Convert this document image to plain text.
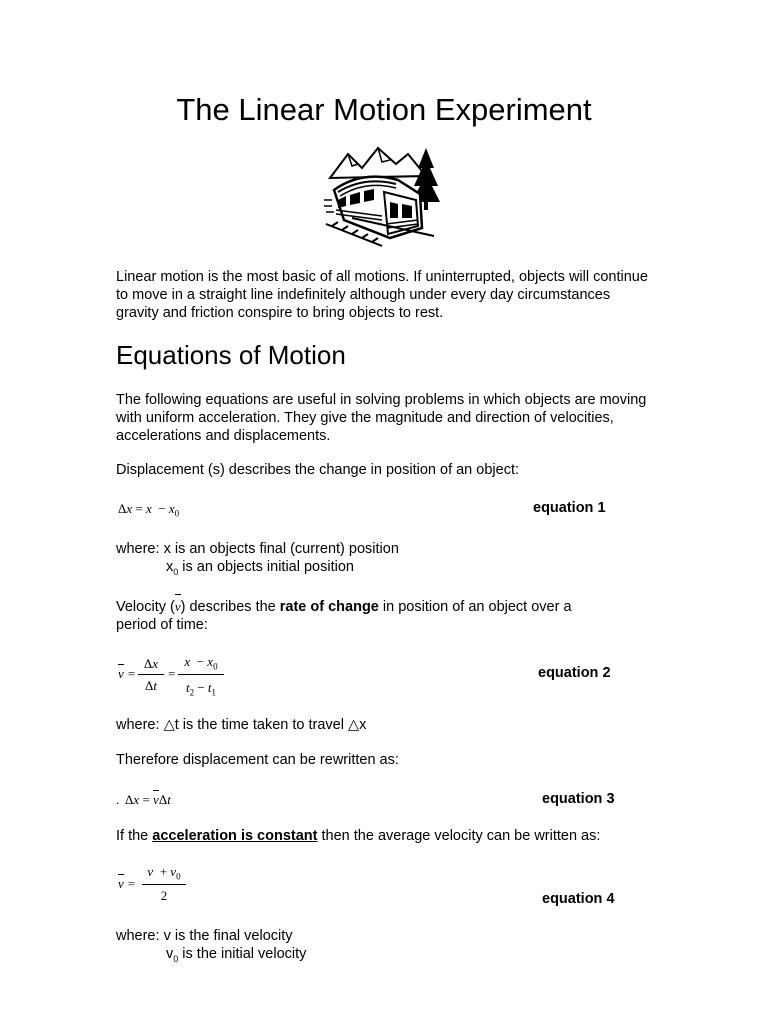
The Linear Motion Experiment

Linear motion is the most basic of all motions. If uninterrupted, objects will continue to move in a straight line indefinitely although under every day circumstances gravity and friction conspire to bring objects to rest.

Equations of Motion

The following equations are useful in solving problems in which objects are moving with uniform acceleration. They give the magnitude and direction of velocities, accelerations and displacements.

Displacement (s) describes the change in position of an object:
$\Delta x = x - x_0$	equation 1
where: x is an objects final (current) position
$x_0$ is an objects initial position
Velocity (
v) describes the rate of change in position of an object over a
period of time:
v =
Δx
Δt
=
$x - x_0$
$t_2 - t_1$
equation 2
where: △t is the time taken to travel △x
Therefore displacement can be rewritten as:
.  Δx =
vΔt	equation 3
If the acceleration is constant then the average velocity can be written as:
v =
$v + v_0$
2	equation 4
where: v is the final velocity
$v_0$ is the initial velocity
